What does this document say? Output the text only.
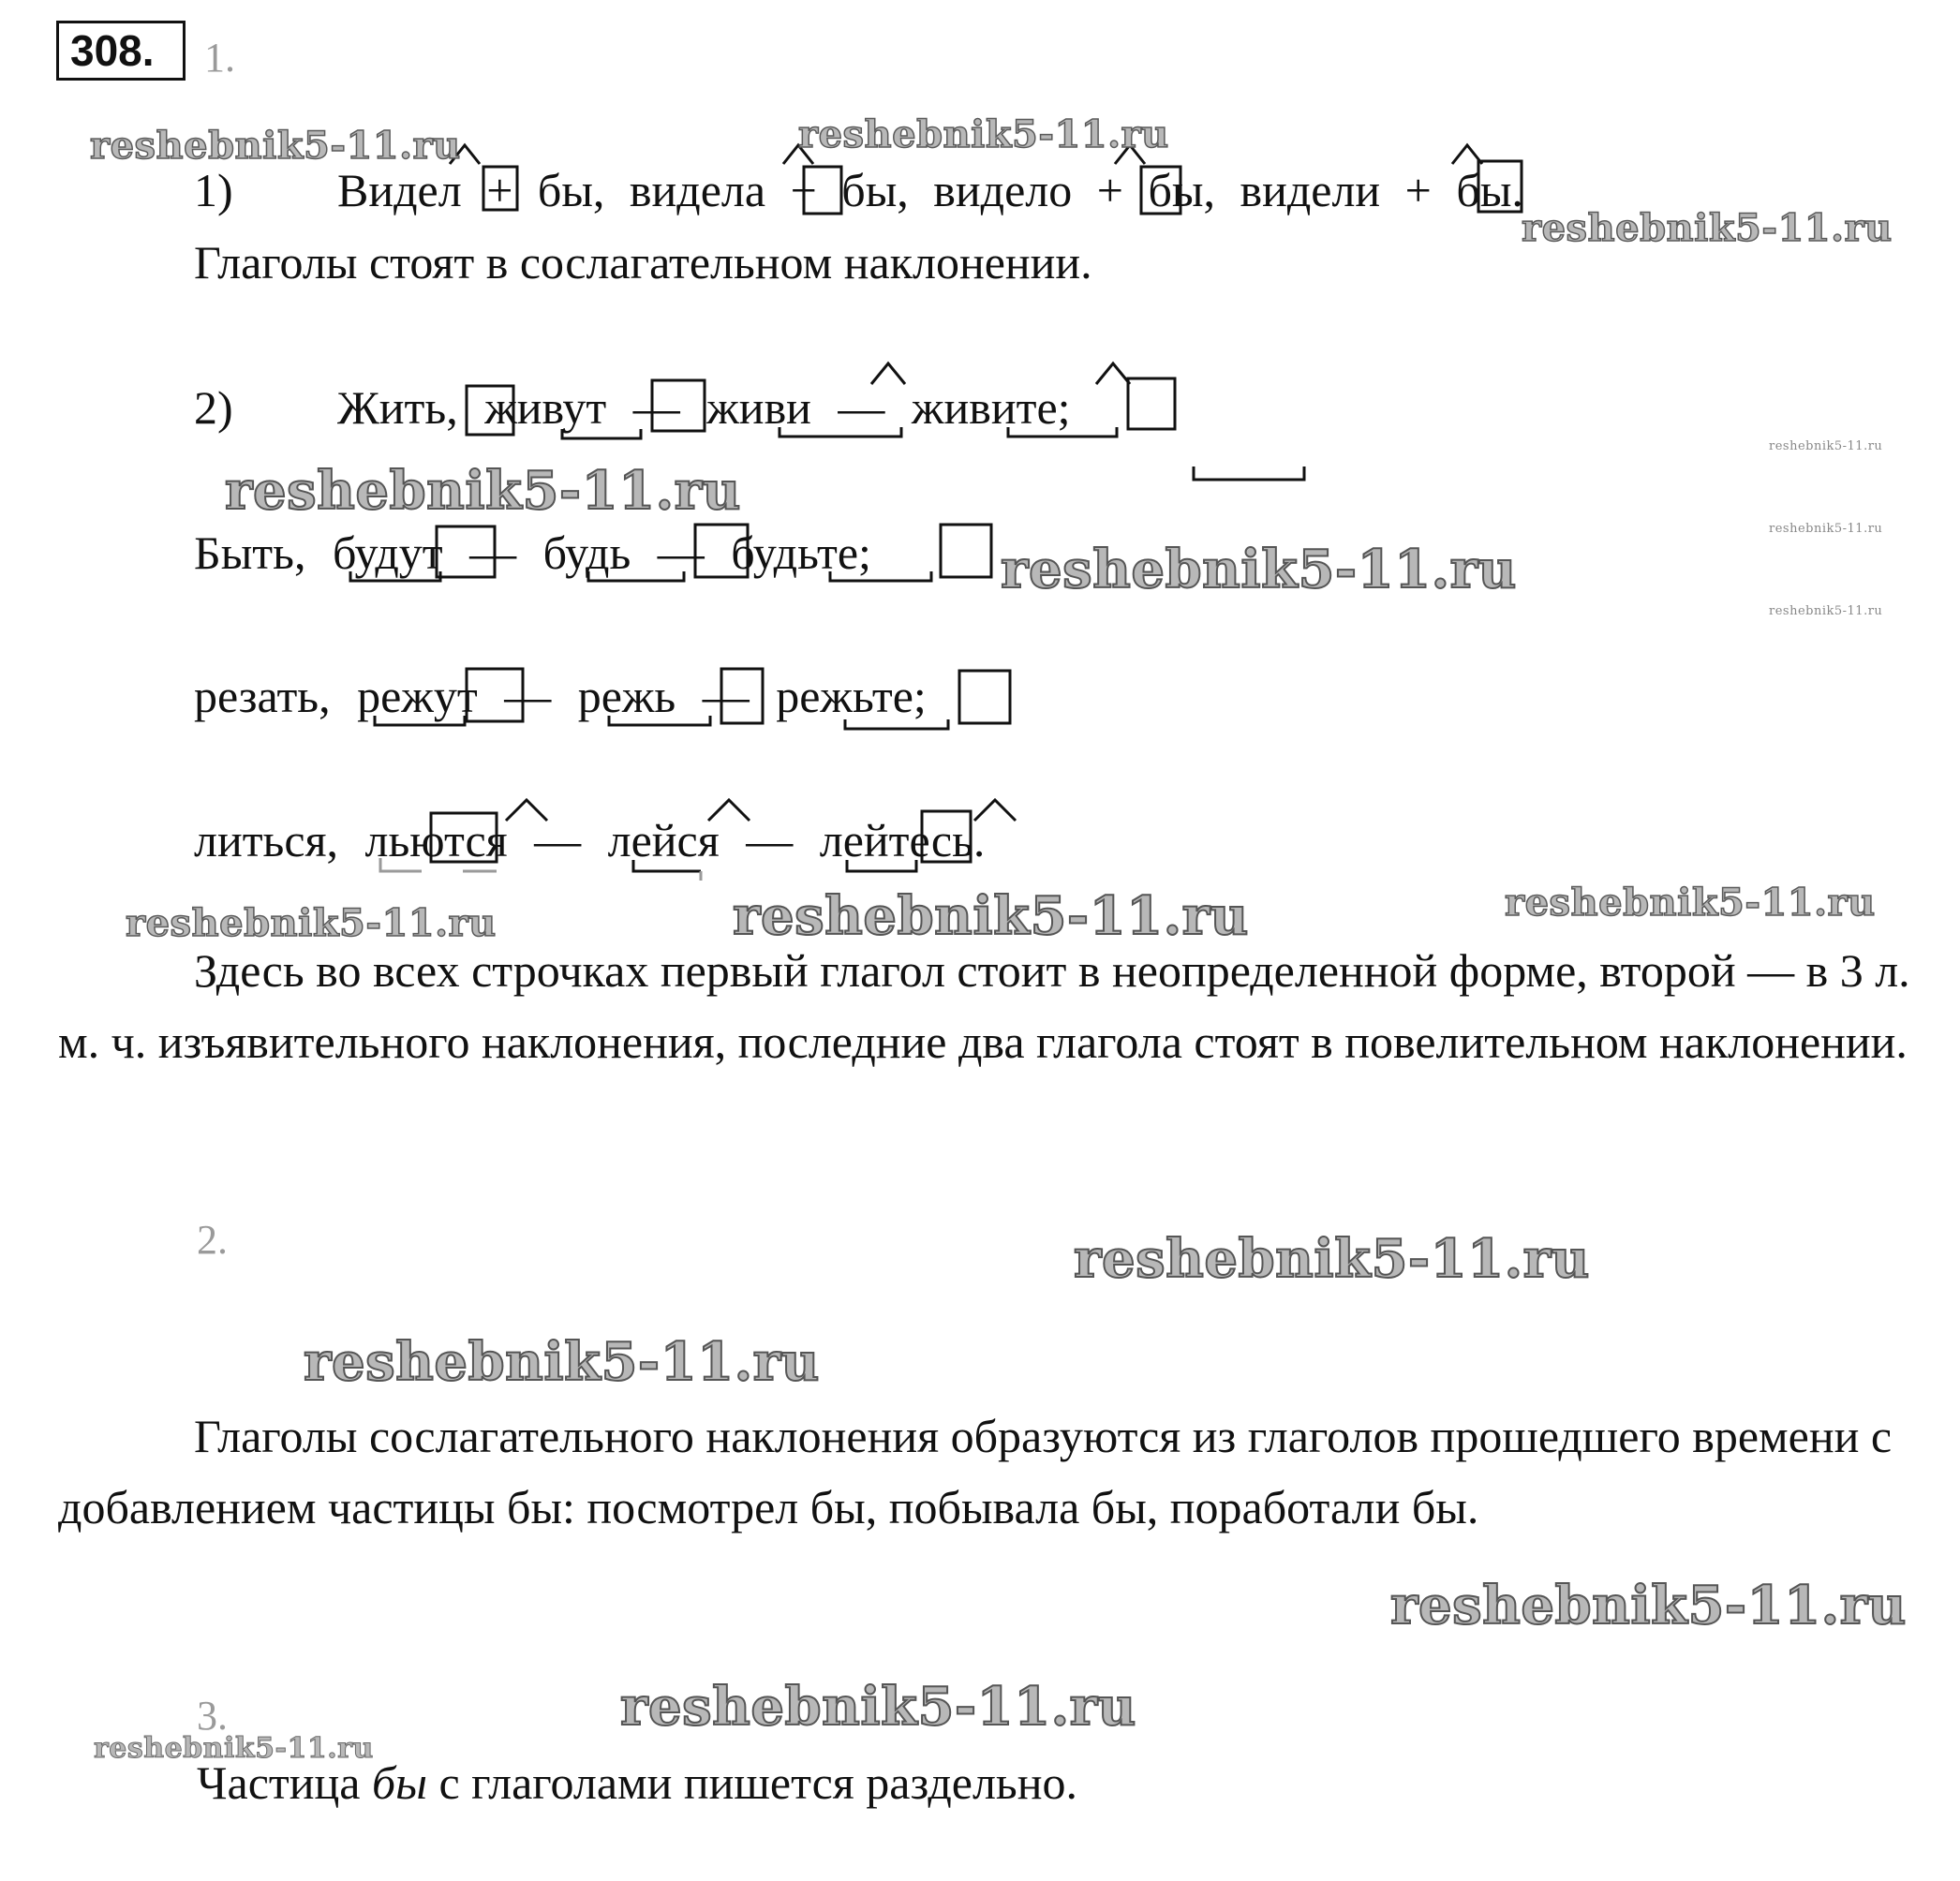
308.	1.
1) Видел + бы, видела + бы, видело + бы, видели + бы.
Глаголы стоят в сослагательном наклонении.
2) Жить, живут — живи — живите;
Быть, будут — будь — будьте;
резать, режут — режь — режьте;
литься, льются — лейся — лейтесь.
Здесь во всех строчках первый глагол стоит в неопределенной форме, второй — в 3 л. м. ч. изъявительного наклонения, последние два глагола стоят в повелительном наклонении.
2.
Глаголы сослагательного наклонения образуются из глаголов прошедшего времени с добавлением частицы бы: посмотрел бы, побывала бы, поработали бы.
3.
Частица бы с глаголами пишется раздельно.
reshebnik5-11.ru	reshebnik5-11.ru
reshebnik5-11.ru
reshebnik5-11.ru
reshebnik5-11.ru
reshebnik5-11.ru
reshebnik5-11.ru
reshebnik5-11.ru
reshebnik5-11.ru	reshebnik5-11.ru	reshebnik5-11.ru
reshebnik5-11.ru
reshebnik5-11.ru
reshebnik5-11.ru
reshebnik5-11.ru
reshebnik5-11.ru
